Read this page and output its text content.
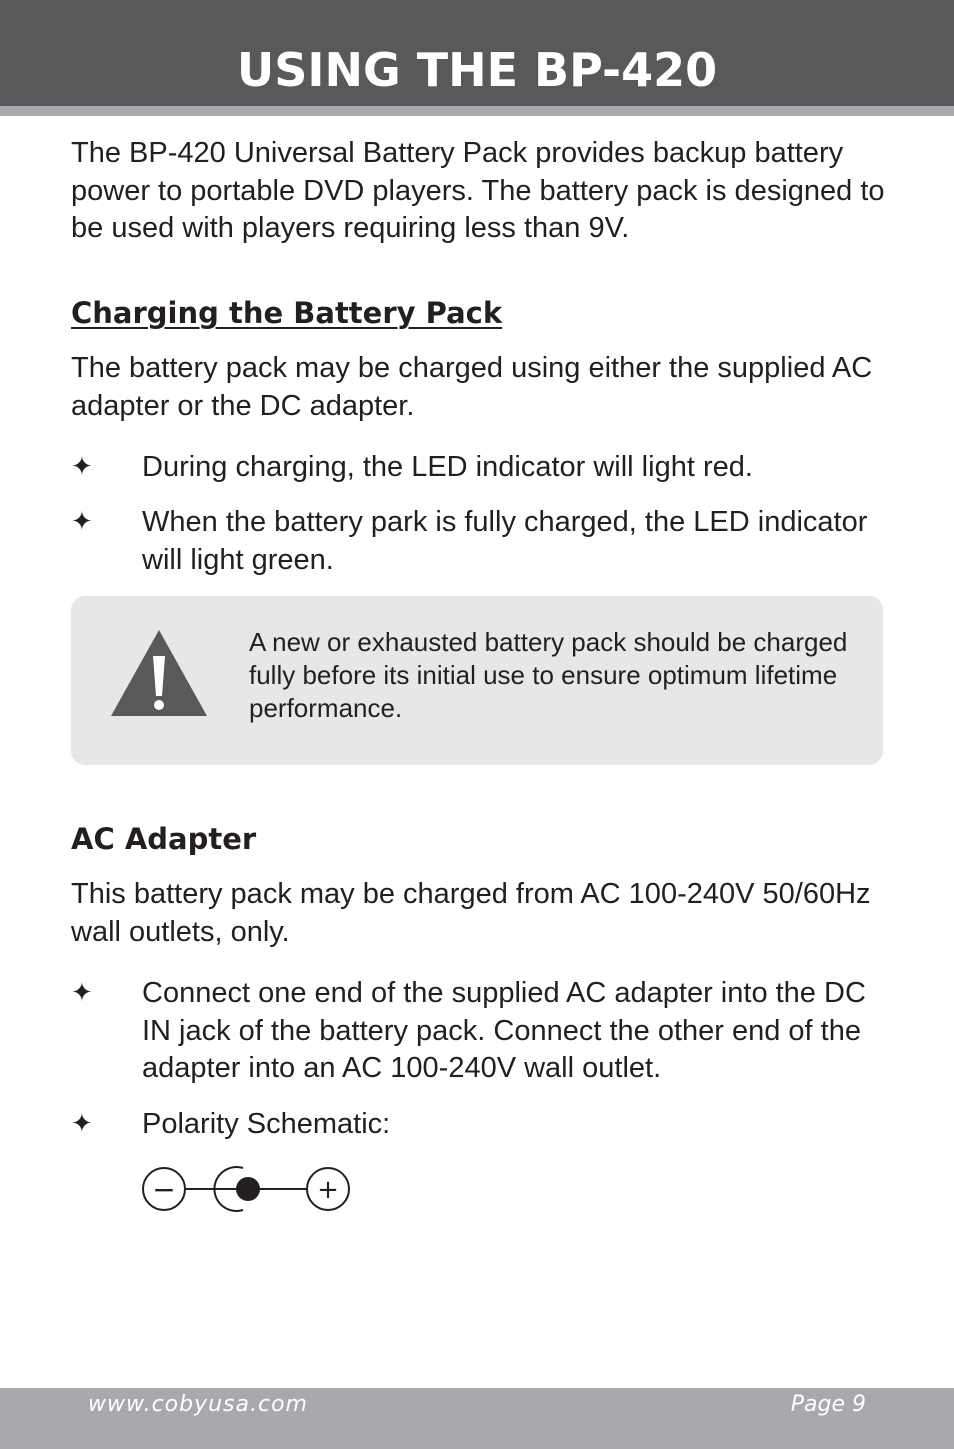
USING THE BP-420

The BP-420 Universal Battery Pack provides backup battery power to portable DVD players. The battery pack is designed to be used with players requiring less than 9V.

Charging the Battery Pack

The battery pack may be charged using either the supplied AC adapter or the DC adapter.

✦ During charging, the LED indicator will light red.
✦ When the battery park is fully charged, the LED indicator will light green.

A new or exhausted battery pack should be charged fully before its initial use to ensure optimum lifetime performance.

AC Adapter

This battery pack may be charged from AC 100-240V 50/60Hz wall outlets, only.

✦ Connect one end of the supplied AC adapter into the DC IN jack of the battery pack. Connect the other end of the adapter into an AC 100-240V wall outlet.
✦ Polarity Schematic:
−	+
www.cobyusa.com	Page 9
